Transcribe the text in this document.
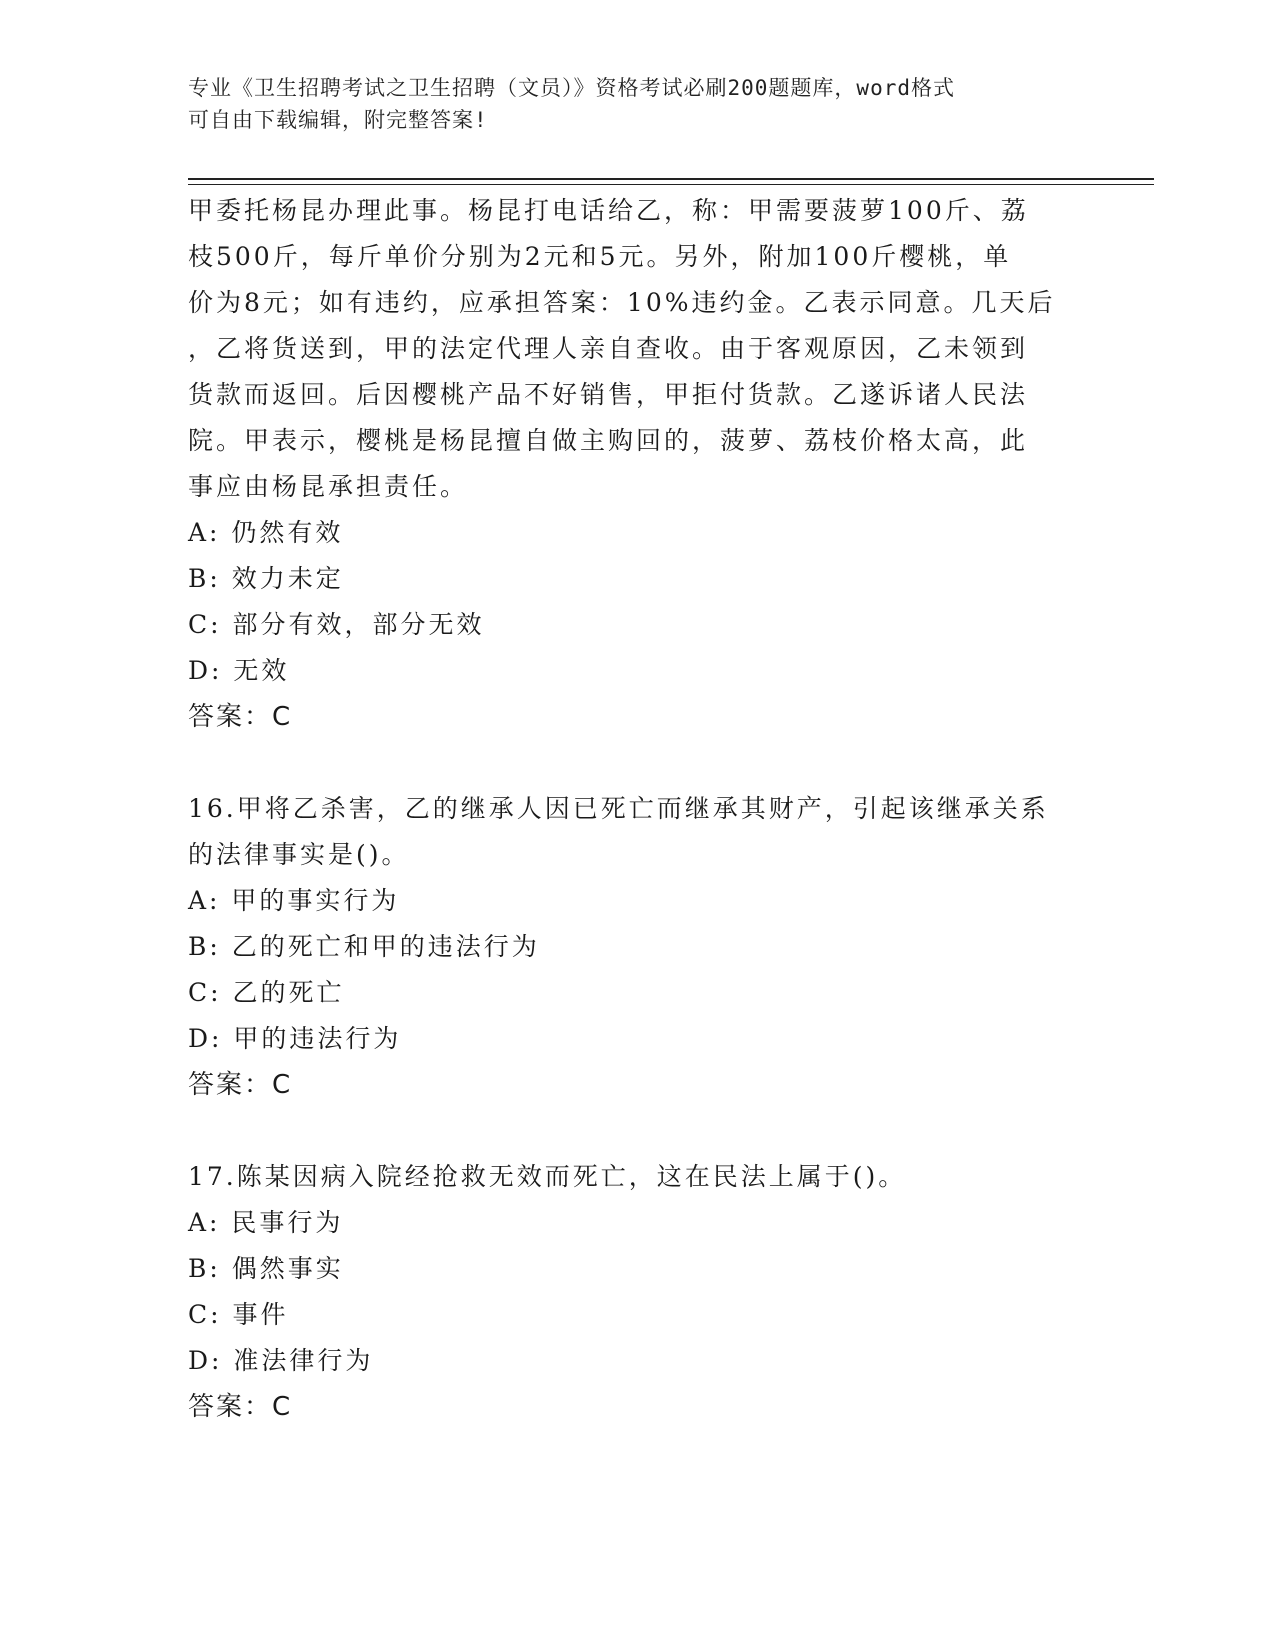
专业《卫生招聘考试之卫生招聘（文员）》资格考试必刷200题题库，word格式
可自由下载编辑，附完整答案!

甲委托杨昆办理此事。杨昆打电话给乙，称：甲需要菠萝100斤、荔

枝500斤，每斤单价分别为2元和5元。另外，附加100斤樱桃，单

价为8元；如有违约，应承担答案：10%违约金。乙表示同意。几天后

，乙将货送到，甲的法定代理人亲自查收。由于客观原因，乙未领到

货款而返回。后因樱桃产品不好销售，甲拒付货款。乙遂诉诸人民法

院。甲表示，樱桃是杨昆擅自做主购回的，菠萝、荔枝价格太高，此

事应由杨昆承担责任。

A: 仍然有效

B: 效力未定

C: 部分有效，部分无效

D: 无效

答案：C

16.甲将乙杀害，乙的继承人因已死亡而继承其财产，引起该继承关系

的法律事实是()。

A: 甲的事实行为

B: 乙的死亡和甲的违法行为

C: 乙的死亡

D: 甲的违法行为

答案：C

17.陈某因病入院经抢救无效而死亡，这在民法上属于()。

A: 民事行为

B: 偶然事实

C: 事件

D: 准法律行为

答案：C
